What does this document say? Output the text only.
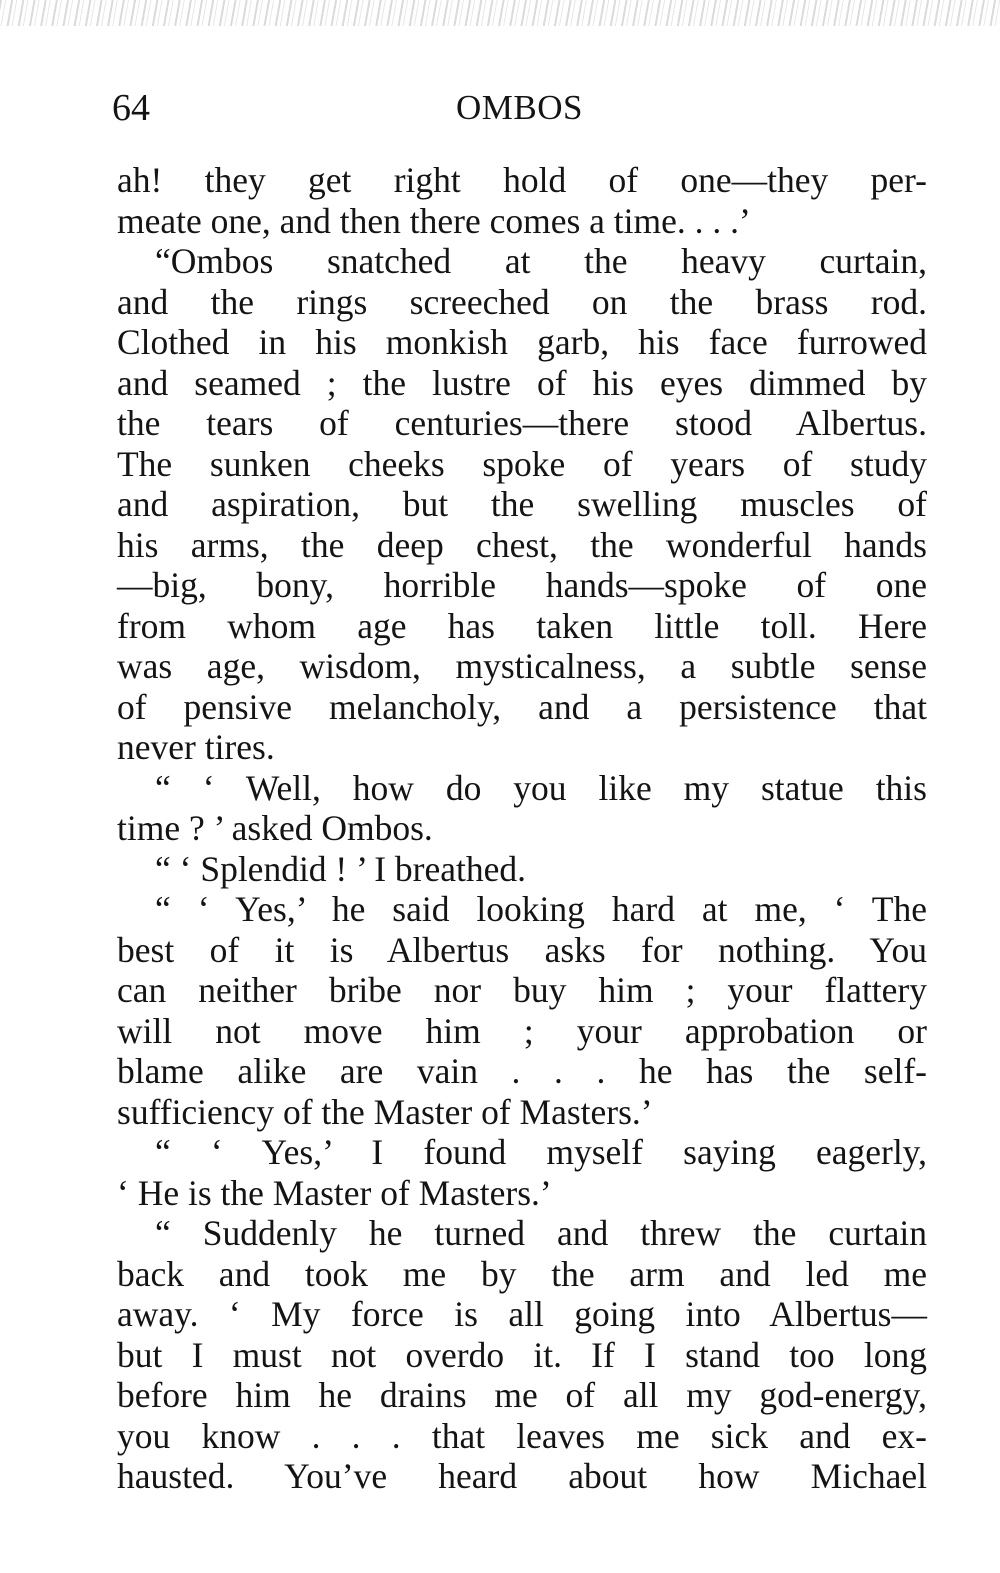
64	OMBOS
ah! they get right hold of one—they per-
meate one, and then there comes a time. . . .’
“Ombos snatched at the heavy curtain,
and the rings screeched on the brass rod.
Clothed in his monkish garb, his face furrowed
and seamed ; the lustre of his eyes dimmed by
the tears of centuries—there stood Albertus.
The sunken cheeks spoke of years of study
and aspiration, but the swelling muscles of
his arms, the deep chest, the wonderful hands
—big, bony, horrible hands—spoke of one
from whom age has taken little toll. Here
was age, wisdom, mysticalness, a subtle sense
of pensive melancholy, and a persistence that
never tires.
“ ‘ Well, how do you like my statue this
time ? ’ asked Ombos.
“ ‘ Splendid ! ’ I breathed.
“ ‘ Yes,’ he said looking hard at me, ‘ The
best of it is Albertus asks for nothing. You
can neither bribe nor buy him ; your flattery
will not move him ; your approbation or
blame alike are vain . . . he has the self-
sufficiency of the Master of Masters.’
“ ‘ Yes,’ I found myself saying eagerly,
‘ He is the Master of Masters.’
“ Suddenly he turned and threw the curtain
back and took me by the arm and led me
away. ‘ My force is all going into Albertus—
but I must not overdo it. If I stand too long
before him he drains me of all my god-energy,
you know . . . that leaves me sick and ex-
hausted. You’ve heard about how Michael
